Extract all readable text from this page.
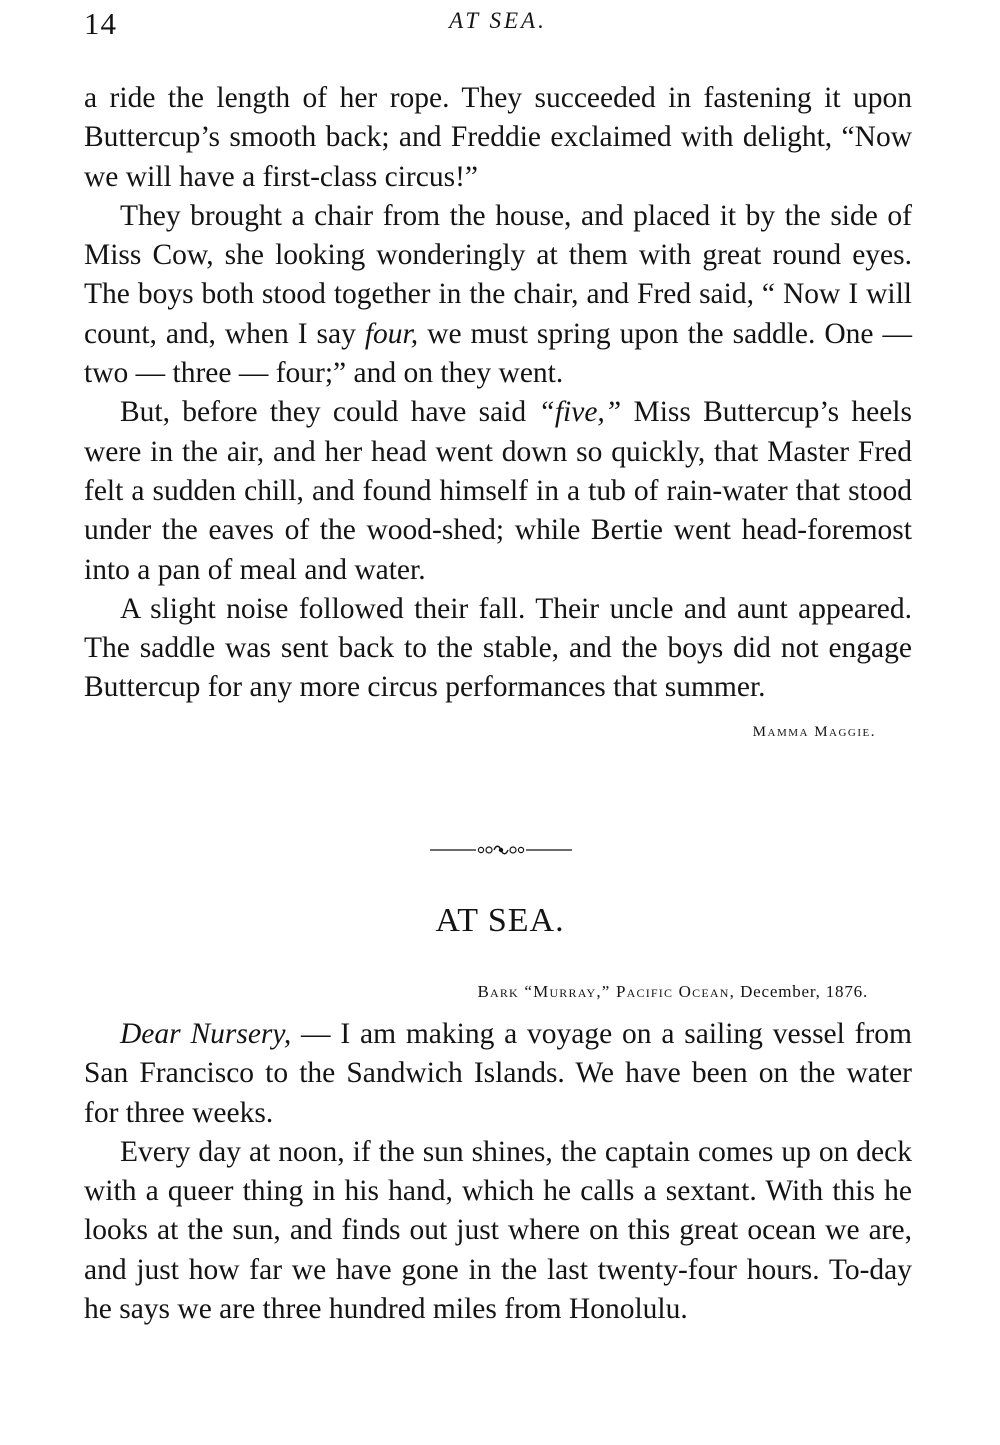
14	AT SEA.

a ride the length of her rope. They succeeded in fastening it upon Buttercup’s smooth back; and Freddie exclaimed with delight, “Now we will have a first-class circus!”

They brought a chair from the house, and placed it by the side of Miss Cow, she looking wonderingly at them with great round eyes. The boys both stood together in the chair, and Fred said, “ Now I will count, and, when I say four, we must spring upon the saddle. One — two — three — four;” and on they went.

But, before they could have said “five,” Miss Buttercup’s heels were in the air, and her head went down so quickly, that Master Fred felt a sudden chill, and found himself in a tub of rain-water that stood under the eaves of the wood-shed; while Bertie went head-foremost into a pan of meal and water.

A slight noise followed their fall. Their uncle and aunt appeared. The saddle was sent back to the stable, and the boys did not engage Buttercup for any more circus performances that summer.
Mamma Maggie.

AT SEA.
Bark “Murray,” Pacific Ocean, December, 1876.

Dear Nursery, — I am making a voyage on a sailing vessel from San Francisco to the Sandwich Islands. We have been on the water for three weeks.

Every day at noon, if the sun shines, the captain comes up on deck with a queer thing in his hand, which he calls a sextant. With this he looks at the sun, and finds out just where on this great ocean we are, and just how far we have gone in the last twenty-four hours. To-day he says we are three hundred miles from Honolulu.
